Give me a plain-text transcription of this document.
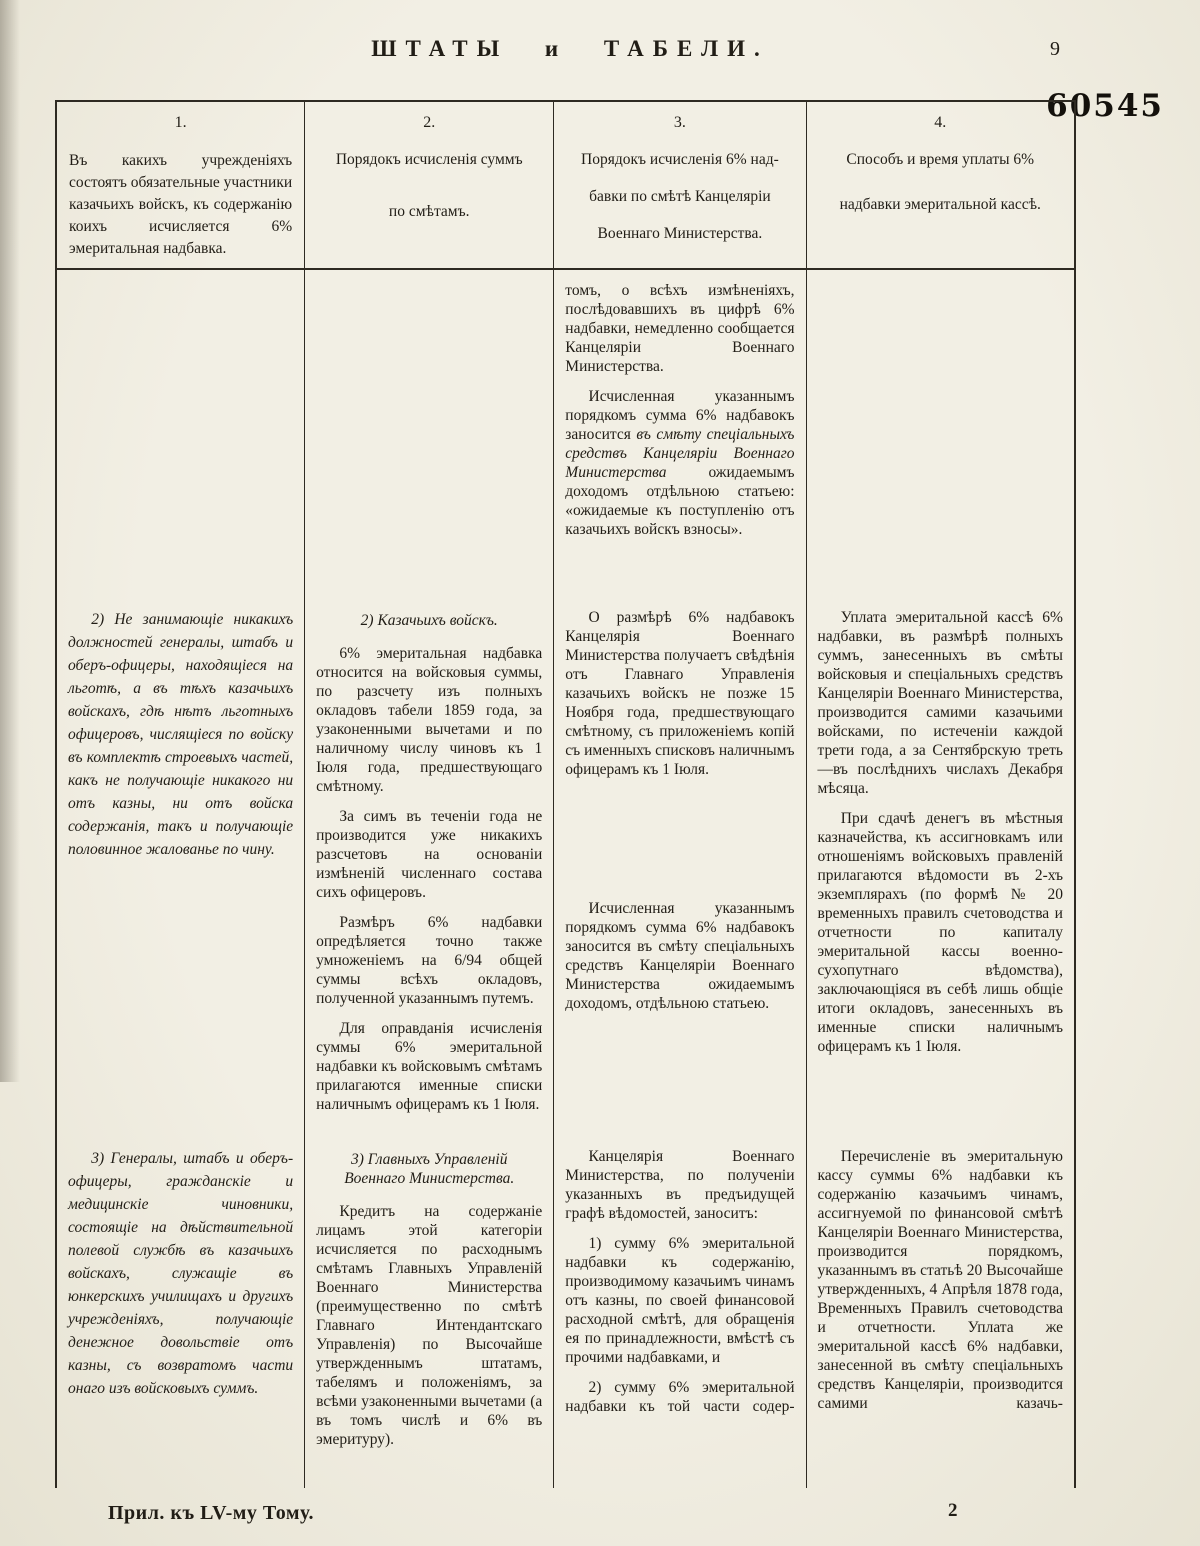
ШТАТЫ и ТАБЕЛИ.	9
60545
1.
Въ какихъ учрежденіяхъ состоятъ обязательные участники казачьихъ войскъ, къ содержанію коихъ исчисляется 6% эмеритальная надбавка.
2.
Порядокъ исчисленія суммъ
по смѣтамъ.
3.
Порядокъ исчисленія 6% над-
бавки по смѣтѣ Канцеляріи
Военнаго Министерства.
4.
Способъ и время уплаты 6%
надбавки эмеритальной кассѣ.

томъ, о всѣхъ измѣненіяхъ, послѣдовавшихъ въ цифрѣ 6% надбавки, немедленно сообщается Канцеляріи Военнаго Министерства.

Исчисленная указаннымъ порядкомъ сумма 6% надбавокъ заносится въ смѣту спеціальныхъ средствъ Канцеляріи Военнаго Министерства ожидаемымъ доходомъ отдѣльною статьею: «ожидаемые къ поступленію отъ казачьихъ войскъ взносы».

2) Не занимающіе никакихъ должностей генералы, штабъ и оберъ-офицеры, находящіеся на льготѣ, а въ тѣхъ казачьихъ войскахъ, гдѣ нѣтъ льготныхъ офицеровъ, числящіеся по войску въ комплектѣ строевыхъ частей, какъ не получающіе никакого ни отъ казны, ни отъ войска содержанія, такъ и получающіе половинное жалованье по чину.

2) Казачьихъ войскъ.

6% эмеритальная надбавка относится на войсковыя суммы, по разсчету изъ полныхъ окладовъ табели 1859 года, за узаконенными вычетами и по наличному числу чиновъ къ 1 Іюля года, предшествующаго смѣтному.

За симъ въ теченіи года не производится уже никакихъ разсчетовъ на основаніи измѣненій численнаго состава сихъ офицеровъ.

Размѣръ 6% надбавки опредѣляется точно также умноженіемъ на 6/94 общей суммы всѣхъ окладовъ, полученной указаннымъ путемъ.

Для оправданія исчисленія суммы 6% эмеритальной надбавки къ войсковымъ смѣтамъ прилагаются именные списки наличнымъ офицерамъ къ 1 Іюля.

О размѣрѣ 6% надбавокъ Канцелярія Военнаго Министерства получаетъ свѣдѣнія отъ Главнаго Управленія казачьихъ войскъ не позже 15 Ноября года, предшествующаго смѣтному, съ приложеніемъ копій съ именныхъ списковъ наличнымъ офицерамъ къ 1 Іюля.

Исчисленная указаннымъ порядкомъ сумма 6% надбавокъ заносится въ смѣту спеціальныхъ средствъ Канцеляріи Военнаго Министерства ожидаемымъ доходомъ, отдѣльною статьею.

Уплата эмеритальной кассѣ 6% надбавки, въ размѣрѣ полныхъ суммъ, занесенныхъ въ смѣты войсковыя и спеціальныхъ средствъ Канцеляріи Военнаго Министерства, производится самими казачьими войсками, по истеченіи каждой трети года, а за Сентябрскую треть—въ послѣднихъ числахъ Декабря мѣсяца.

При сдачѣ денегъ въ мѣстныя казначейства, къ ассигновкамъ или отношеніямъ войсковыхъ правленій прилагаются вѣдомости въ 2-хъ экземплярахъ (по формѣ № 20 временныхъ правилъ счетоводства и отчетности по капиталу эмеритальной кассы военно-сухопутнаго вѣдомства), заключающіяся въ себѣ лишь общіе итоги окладовъ, занесенныхъ въ именные списки наличнымъ офицерамъ къ 1 Іюля.

3) Генералы, штабъ и оберъ-офицеры, гражданскіе и медицинскіе чиновники, состоящіе на дѣйствительной полевой службѣ въ казачьихъ войскахъ, служащіе въ юнкерскихъ училищахъ и другихъ учрежденіяхъ, получающіе денежное довольствіе отъ казны, съ возвратомъ части онаго изъ войсковыхъ суммъ.

3) Главныхъ Управленій Военнаго Министерства.

Кредитъ на содержаніе лицамъ этой категоріи исчисляется по расходнымъ смѣтамъ Главныхъ Управленій Военнаго Министерства (преимущественно по смѣтѣ Главнаго Интендантскаго Управленія) по Высочайше утвержденнымъ штатамъ, табелямъ и положеніямъ, за всѣми узаконенными вычетами (а въ томъ числѣ и 6% въ эмеритуру).

Канцелярія Военнаго Министерства, по полученіи указанныхъ въ предъидущей графѣ вѣдомостей, заноситъ:

1) сумму 6% эмеритальной надбавки къ содержанію, производимому казачьимъ чинамъ отъ казны, по своей финансовой расходной смѣтѣ, для обращенія ея по принадлежности, вмѣстѣ съ прочими надбавками, и

2) сумму 6% эмеритальной надбавки къ той части содер-

Перечисленіе въ эмеритальную кассу суммы 6% надбавки къ содержанію казачьимъ чинамъ, ассигнуемой по финансовой смѣтѣ Канцеляріи Военнаго Министерства, производится порядкомъ, указаннымъ въ статьѣ 20 Высочайше утвержденныхъ, 4 Апрѣля 1878 года, Временныхъ Правилъ счетоводства и отчетности. Уплата же эмеритальной кассѣ 6% надбавки, занесенной въ смѣту спеціальныхъ средствъ Канцеляріи, производится самими казачь-

Прил. къ LV-му Тому.	2
